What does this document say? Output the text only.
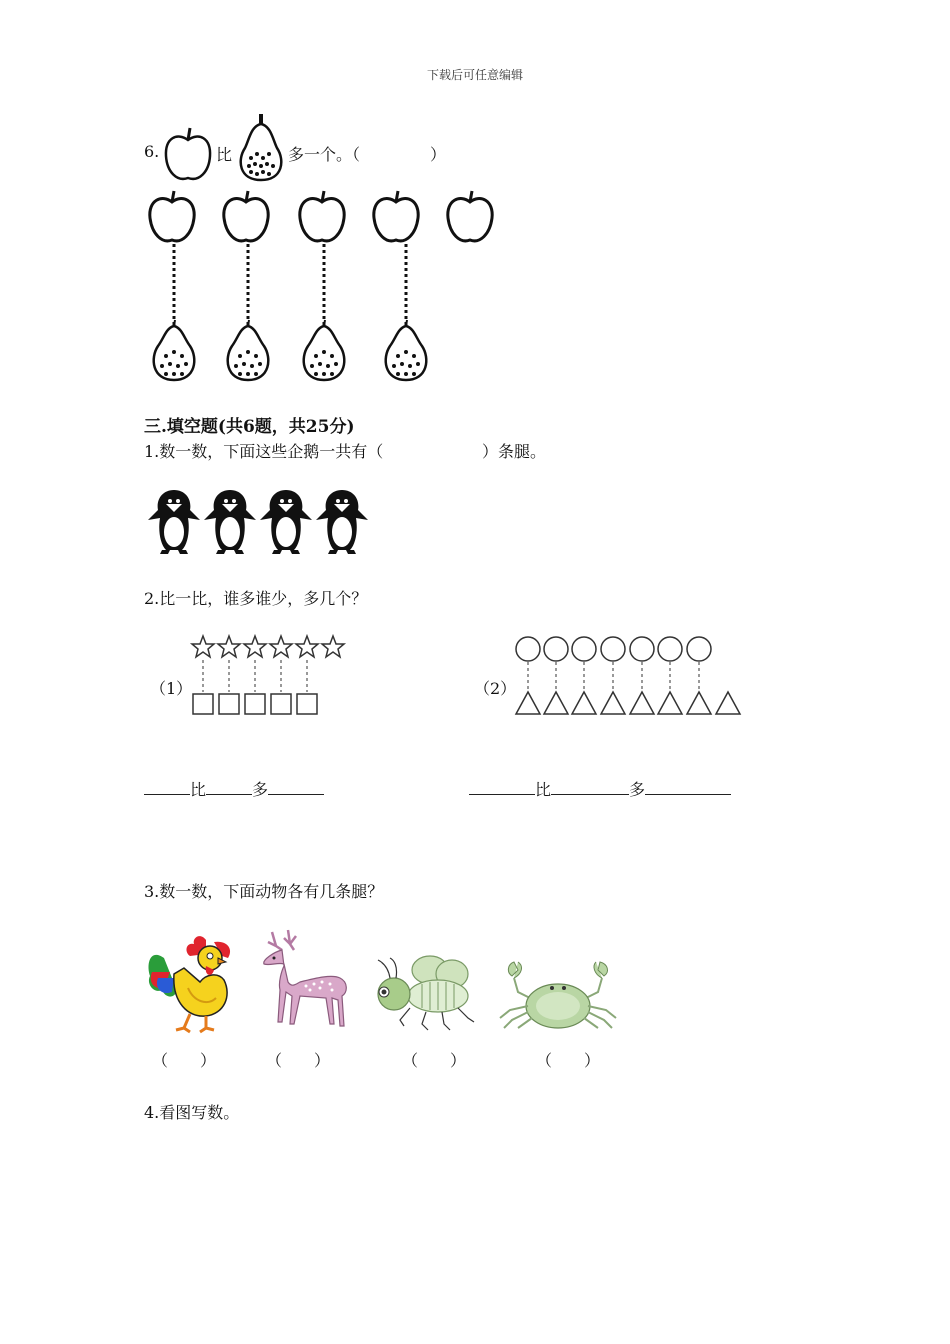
下载后可任意编辑
6.	比	多一个。（	）
三.填空题(共6题，共25分)
1.数一数，下面这些企鹅一共有（	）条腿。
2.比一比，谁多谁少，多几个？
（1）	（2）
比	多	比	多
3.数一数，下面动物各有几条腿？
（ ）	（ ）	（ ）	（ ）
4.看图写数。
